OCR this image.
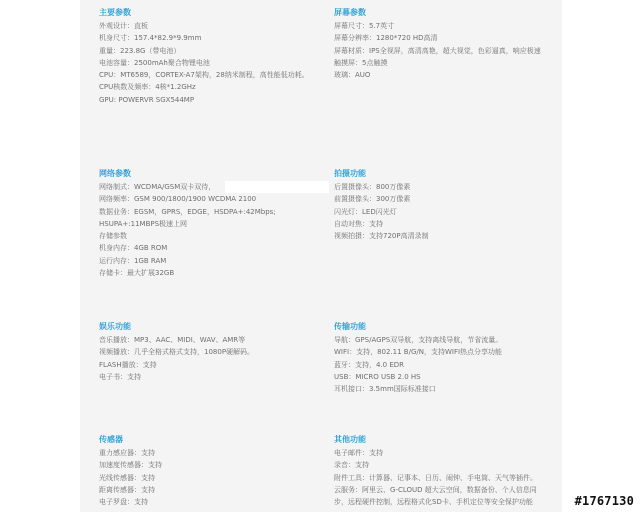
主要参数
外观设计：直板
机身尺寸：157.4*82.9*9.9mm
重量：223.8G（带电池）
电池容量：2500mAh聚合物锂电池
CPU：MT6589，CORTEX-A7架构，28纳米制程，高性能低功耗。
CPU核数及频率：4核*1.2GHz
GPU: POWERVR SGX544MP
屏幕参数
屏幕尺寸：5.7英寸
屏幕分辨率：1280*720 HD高清
屏幕材质：IPS全视屏，高清高艳，超大视觉，色彩逼真，响应极速
触摸屏：5点触摸
玻璃：AUO
网络参数
网络制式：WCDMA/GSM双卡双待，
网络频率：GSM 900/1800/1900 WCDMA 2100
数据业务：EGSM，GPRS，EDGE，HSDPA+:42Mbps;
HSUPA+:11MBPS极速上网
存储参数
机身内存：4GB ROM
运行内存：1GB RAM
存储卡：最大扩展32GB
拍摄功能
后置摄像头：800万像素
前置摄像头：300万像素
闪光灯：LED闪光灯
自动对焦：支持
视频拍摄：支持720P高清录制
娱乐功能
音乐播放：MP3、AAC、MIDI、WAV、AMR等
视频播放：几乎全格式格式支持，1080P硬解码。
FLASH播放：支持
电子书：支持
传输功能
导航：GPS/AGPS双导航，支持离线导航，节省流量。
WIFI：支持，802.11 B/G/N，支持WIFI热点分享功能
蓝牙：支持，4.0 EDR
USB：MICRO USB 2.0 HS
耳机接口：3.5mm国际标准接口
传感器
重力感应器：支持
加速度传感器：支持
光线传感器：支持
距离传感器：支持
电子罗盘：支持
其他功能
电子邮件：支持
录音：支持
附件工具：计算器、记事本、日历、闹钟、手电筒、天气等插件。
云服务：阿里云、G-CLOUD 超大云空间，数据备份、个人信息同
步，远程硬件控制，远程格式化SD卡、手机定位等安全保护功能	#1767130
